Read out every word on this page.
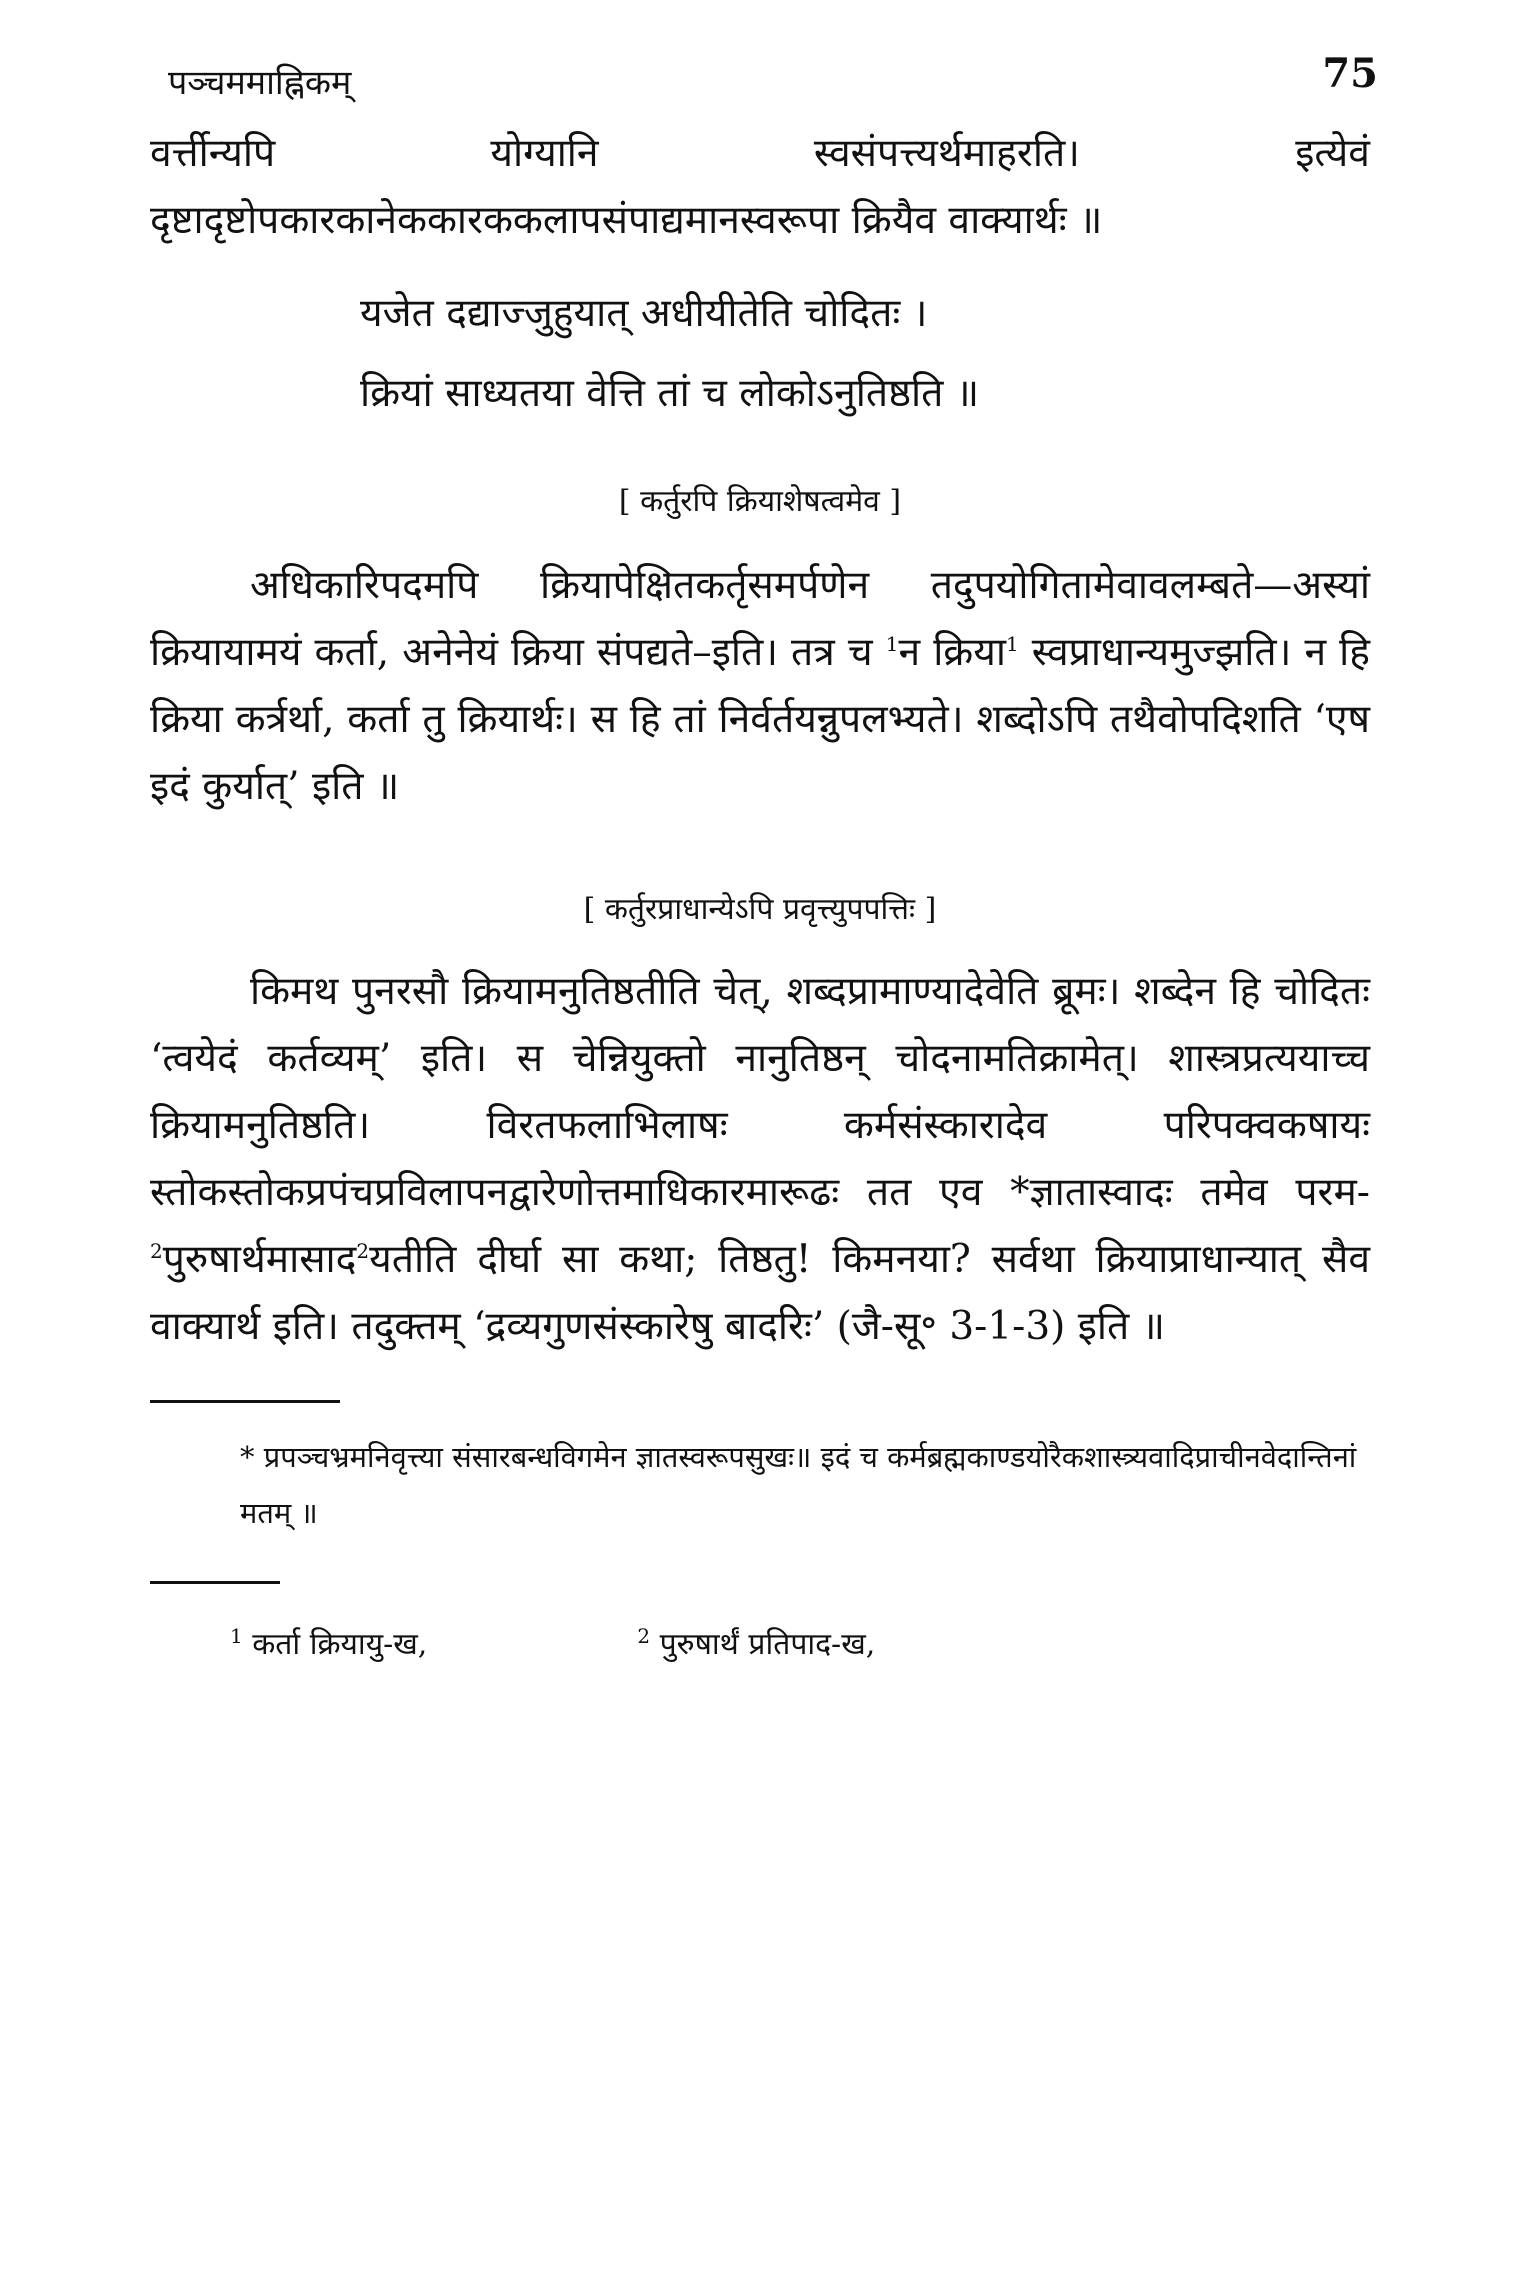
पञ्चममाह्निकम्	75

वर्त्तीन्यपि योग्यानि स्वसंपत्त्यर्थमाहरति। इत्येवं दृष्टादृष्टोपकारकानेककारककलापसंपाद्यमानस्वरूपा क्रियैव वाक्यार्थः ॥

यजेत दद्याज्जुहुयात् अधीयीतेति चोदितः ।
क्रियां साध्यतया वेत्ति तां च लोकोऽनुतिष्ठति ॥

[ कर्तुरपि क्रियाशेषत्वमेव ]

अधिकारिपदमपि क्रियापेक्षितकर्तृसमर्पणेन तदुपयोगितामेवावलम्बते—अस्यां क्रियायामयं कर्ता, अनेनेयं क्रिया संपद्यते–इति। तत्र च $^1$न क्रिया$^1$ स्वप्राधान्यमुज्झति। न हि क्रिया कर्त्रर्था, कर्ता तु क्रियार्थः। स हि तां निर्वर्तयन्नुपलभ्यते। शब्दोऽपि तथैवोपदिशति ‘एष इदं कुर्यात्’ इति ॥

[ कर्तुरप्राधान्येऽपि प्रवृत्त्युपपत्तिः ]

किमथ पुनरसौ क्रियामनुतिष्ठतीति चेत्, शब्दप्रामाण्यादेवेति ब्रूमः। शब्देन हि चोदितः ‘त्वयेदं कर्तव्यम्’ इति। स चेन्नियुक्तो नानुतिष्ठन् चोदनामतिक्रामेत्। शास्त्रप्रत्ययाच्च क्रियामनुतिष्ठति। विरतफलाभिलाषः कर्मसंस्कारादेव परिपक्वकषायः स्तोकस्तोकप्रपंचप्रविलापनद्वारेणोत्तमाधिकारमारूढः तत एव *ज्ञातास्वादः तमेव परम- $^2$पुरुषार्थमासाद$^2$यतीति दीर्घा सा कथा; तिष्ठतु! किमनया? सर्वथा क्रियाप्राधान्यात् सैव वाक्यार्थ इति। तदुक्तम् ‘द्रव्यगुणसंस्कारेषु बादरिः’ (जै-सू॰ 3-1-3) इति ॥

* प्रपञ्चभ्रमनिवृत्त्या संसारबन्धविगमेन ज्ञातस्वरूपसुखः॥ इदं च कर्मब्रह्मकाण्डयोरैकशास्त्र्यवादिप्राचीनवेदान्तिनां मतम् ॥

$^1$ कर्ता क्रियायु-ख,	$^2$ पुरुषार्थं प्रतिपाद-ख,
